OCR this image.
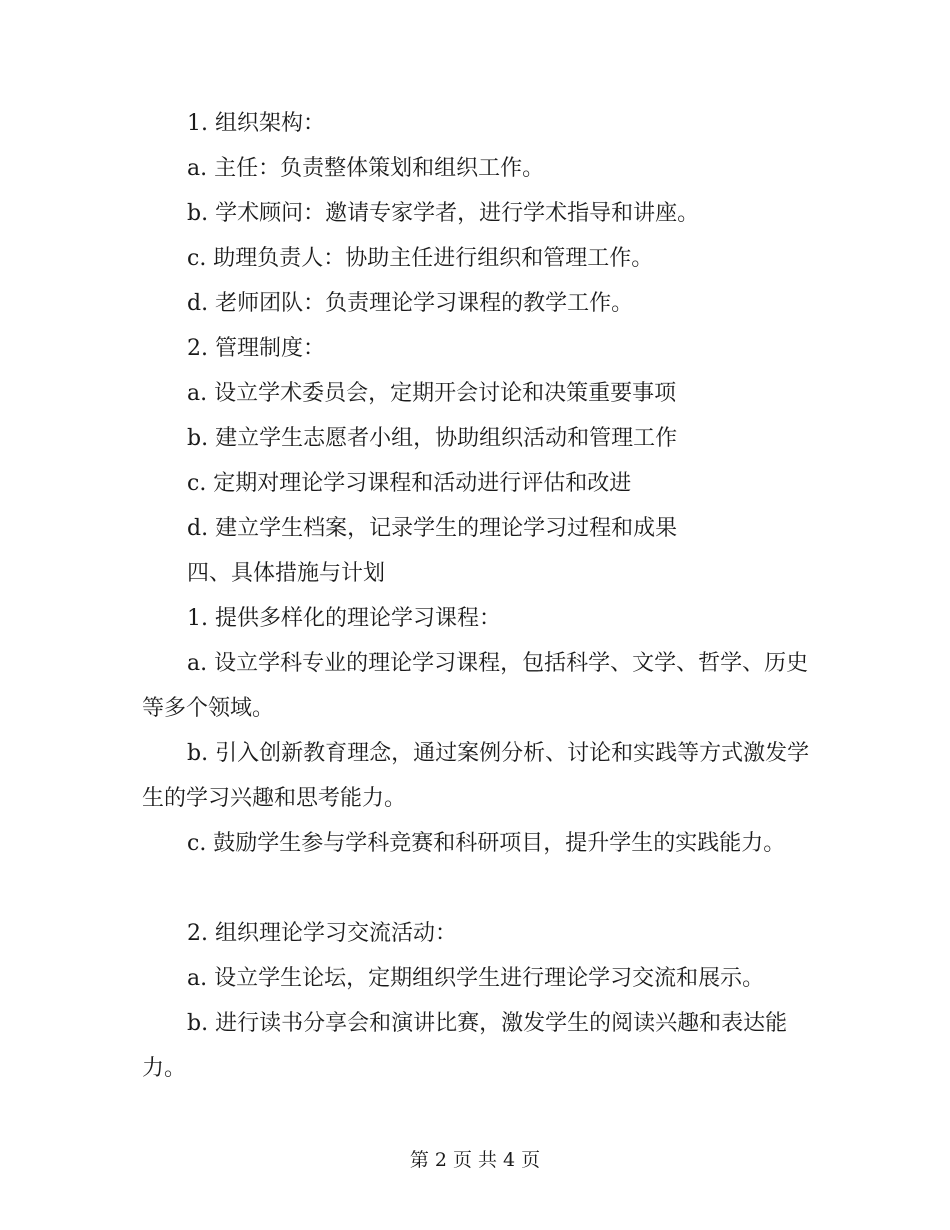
1. 组织架构：

a. 主任：负责整体策划和组织工作。

b. 学术顾问：邀请专家学者，进行学术指导和讲座。

c. 助理负责人：协助主任进行组织和管理工作。

d. 老师团队：负责理论学习课程的教学工作。

2. 管理制度：

a. 设立学术委员会，定期开会讨论和决策重要事项

b. 建立学生志愿者小组，协助组织活动和管理工作

c. 定期对理论学习课程和活动进行评估和改进

d. 建立学生档案，记录学生的理论学习过程和成果

四、具体措施与计划

1. 提供多样化的理论学习课程：

a. 设立学科专业的理论学习课程，包括科学、文学、哲学、历史等多个领域。

b. 引入创新教育理念，通过案例分析、讨论和实践等方式激发学生的学习兴趣和思考能力。

c. 鼓励学生参与学科竞赛和科研项目，提升学生的实践能力。

2. 组织理论学习交流活动：

a. 设立学生论坛，定期组织学生进行理论学习交流和展示。

b. 进行读书分享会和演讲比赛，激发学生的阅读兴趣和表达能力。

第 2 页 共 4 页
